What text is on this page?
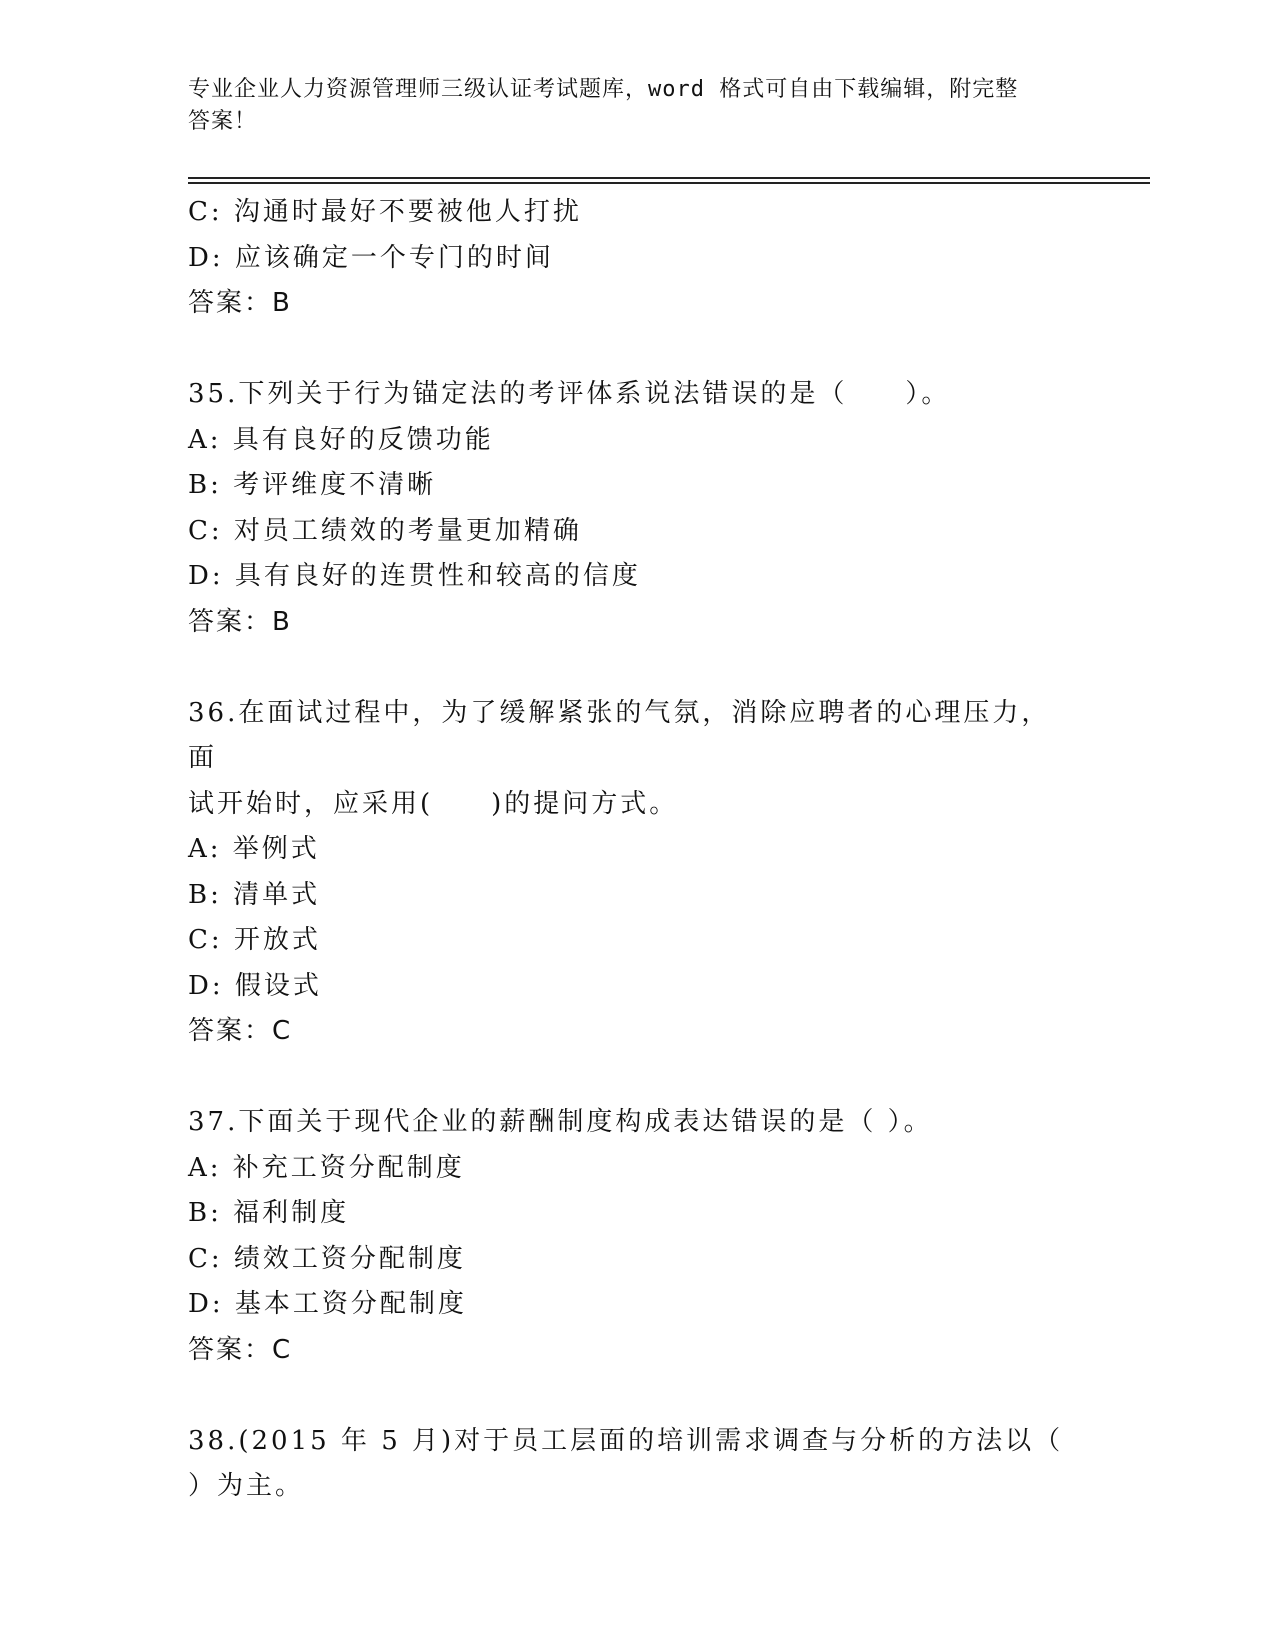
专业企业人力资源管理师三级认证考试题库，word 格式可自由下载编辑，附完整
答案！

C: 沟通时最好不要被他人打扰

D: 应该确定一个专门的时间

答案：B

35.下列关于行为锚定法的考评体系说法错误的是（　　）。

A: 具有良好的反馈功能

B: 考评维度不清晰

C: 对员工绩效的考量更加精确

D: 具有良好的连贯性和较高的信度

答案：B

36.在面试过程中，为了缓解紧张的气氛，消除应聘者的心理压力，面

试开始时，应采用(　　)的提问方式。

A: 举例式

B: 清单式

C: 开放式

D: 假设式

答案：C

37.下面关于现代企业的薪酬制度构成表达错误的是（ ）。

A: 补充工资分配制度

B: 福利制度

C: 绩效工资分配制度

D: 基本工资分配制度

答案：C

38.(2015 年 5 月)对于员工层面的培训需求调查与分析的方法以（

）为主。
